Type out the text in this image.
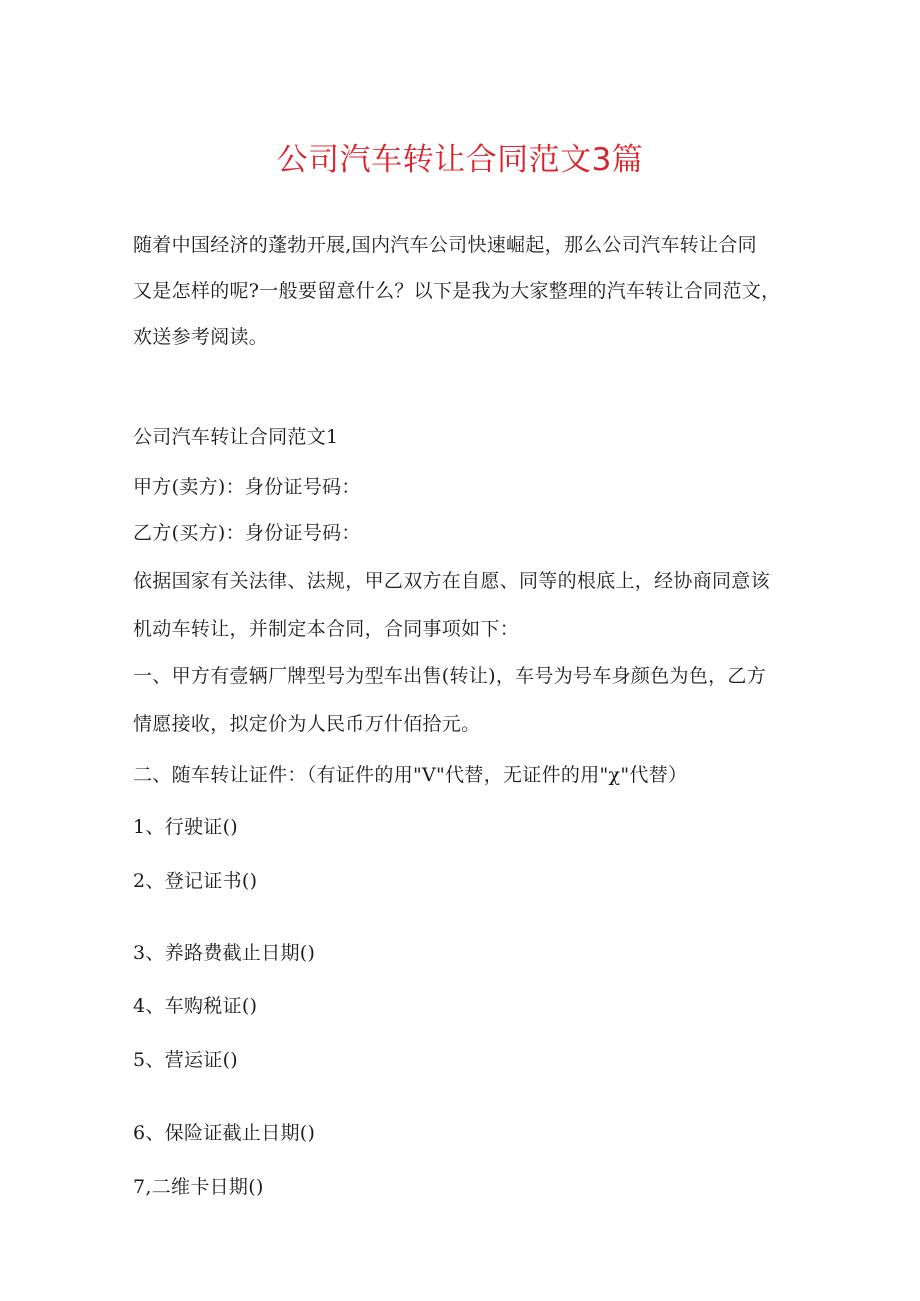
公司汽车转让合同范文3篇

随着中国经济的蓬勃开展,国内汽车公司快速崛起，那么公司汽车转让合同

又是怎样的呢?一般要留意什么？以下是我为大家整理的汽车转让合同范文，

欢送参考阅读。

公司汽车转让合同范文1
甲方(卖方)：身份证号码：
乙方(买方)：身份证号码：
依据国家有关法律、法规，甲乙双方在自愿、同等的根底上，经协商同意该
机动车转让，并制定本合同，合同事项如下：
一、甲方有壹辆厂牌型号为型车出售(转让)，车号为号车身颜色为色，乙方
情愿接收，拟定价为人民币万什佰拾元。
二、随车转让证件：（有证件的用"V"代替，无证件的用"χ"代替）
1、行驶证()
2、登记证书()
3、养路费截止日期()
4、车购税证()
5、营运证()
6、保险证截止日期()
7,二维卡日期()
